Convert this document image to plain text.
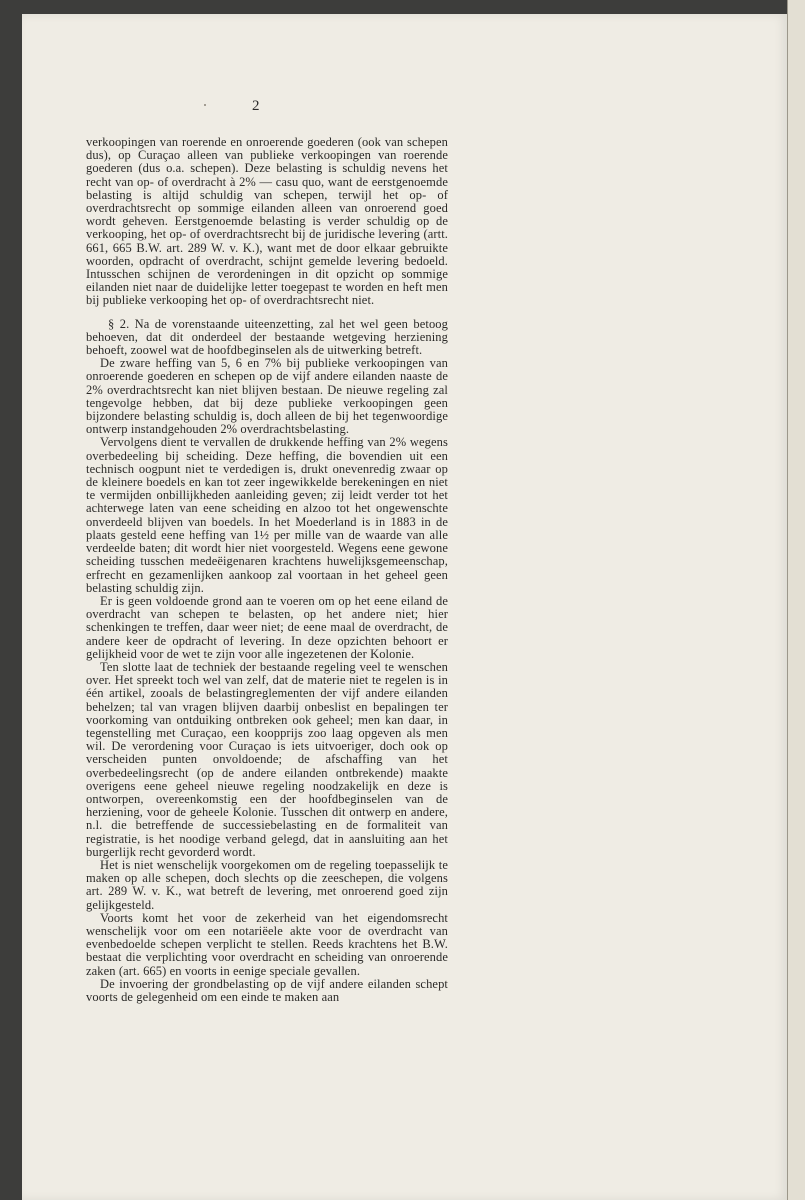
2

verkoopingen van roerende en onroerende goederen (ook van schepen dus), op Curaçao alleen van publieke verkoopingen van roerende goederen (dus o.a. schepen). Deze belasting is schuldig nevens het recht van op- of overdracht à 2% — casu quo, want de eerstgenoemde belasting is altijd schuldig van schepen, terwijl het op- of overdrachtsrecht op sommige eilanden alleen van onroerend goed wordt geheven. Eerstgenoemde belasting is verder schuldig op de verkooping, het op- of overdrachtsrecht bij de juridische levering (artt. 661, 665 B.W. art. 289 W. v. K.), want met de door elkaar gebruikte woorden, opdracht of overdracht, schijnt gemelde levering bedoeld. Intusschen schijnen de verordeningen in dit opzicht op sommige eilanden niet naar de duidelijke letter toegepast te worden en heft men bij publieke verkooping het op- of overdrachtsrecht niet.

§ 2. Na de vorenstaande uiteenzetting, zal het wel geen betoog behoeven, dat dit onderdeel der bestaande wetgeving herziening behoeft, zoowel wat de hoofdbeginselen als de uitwerking betreft.

De zware heffing van 5, 6 en 7% bij publieke verkoopingen van onroerende goederen en schepen op de vijf andere eilanden naaste de 2% overdrachtsrecht kan niet blijven bestaan. De nieuwe regeling zal tengevolge hebben, dat bij deze publieke verkoopingen geen bijzondere belasting schuldig is, doch alleen de bij het tegenwoordige ontwerp instandgehouden 2% overdrachtsbelasting.

Vervolgens dient te vervallen de drukkende heffing van 2% wegens overbedeeling bij scheiding. Deze heffing, die bovendien uit een technisch oogpunt niet te verdedigen is, drukt onevenredig zwaar op de kleinere boedels en kan tot zeer ingewikkelde berekeningen en niet te vermijden onbillijkheden aanleiding geven; zij leidt verder tot het achterwege laten van eene scheiding en alzoo tot het ongewenschte onverdeeld blijven van boedels. In het Moederland is in 1883 in de plaats gesteld eene heffing van 1½ per mille van de waarde van alle verdeelde baten; dit wordt hier niet voorgesteld. Wegens eene gewone scheiding tusschen medeëigenaren krachtens huwelijksgemeenschap, erfrecht en gezamenlijken aankoop zal voortaan in het geheel geen belasting schuldig zijn.

Er is geen voldoende grond aan te voeren om op het eene eiland de overdracht van schepen te belasten, op het andere niet; hier schenkingen te treffen, daar weer niet; de eene maal de overdracht, de andere keer de opdracht of levering. In deze opzichten behoort er gelijkheid voor de wet te zijn voor alle ingezetenen der Kolonie.

Ten slotte laat de techniek der bestaande regeling veel te wenschen over. Het spreekt toch wel van zelf, dat de materie niet te regelen is in één artikel, zooals de belastingreglementen der vijf andere eilanden behelzen; tal van vragen blijven daarbij onbeslist en bepalingen ter voorkoming van ontduiking ontbreken ook geheel; men kan daar, in tegenstelling met Curaçao, een koopprijs zoo laag opgeven als men wil. De verordening voor Curaçao is iets uitvoeriger, doch ook op verscheiden punten onvoldoende; de afschaffing van het overbedeelingsrecht (op de andere eilanden ontbrekende) maakte overigens eene geheel nieuwe regeling noodzakelijk en deze is ontworpen, overeenkomstig een der hoofdbeginselen van de herziening, voor de geheele Kolonie. Tusschen dit ontwerp en andere, n.l. die betreffende de successiebelasting en de formaliteit van registratie, is het noodige verband gelegd, dat in aansluiting aan het burgerlijk recht gevorderd wordt.

Het is niet wenschelijk voorgekomen om de regeling toepasselijk te maken op alle schepen, doch slechts op die zeeschepen, die volgens art. 289 W. v. K., wat betreft de levering, met onroerend goed zijn gelijkgesteld.

Voorts komt het voor de zekerheid van het eigendomsrecht wenschelijk voor om een notariëele akte voor de overdracht van evenbedoelde schepen verplicht te stellen. Reeds krachtens het B.W. bestaat die verplichting voor overdracht en scheiding van onroerende zaken (art. 665) en voorts in eenige speciale gevallen.

De invoering der grondbelasting op de vijf andere eilanden schept voorts de gelegenheid om een einde te maken aan
